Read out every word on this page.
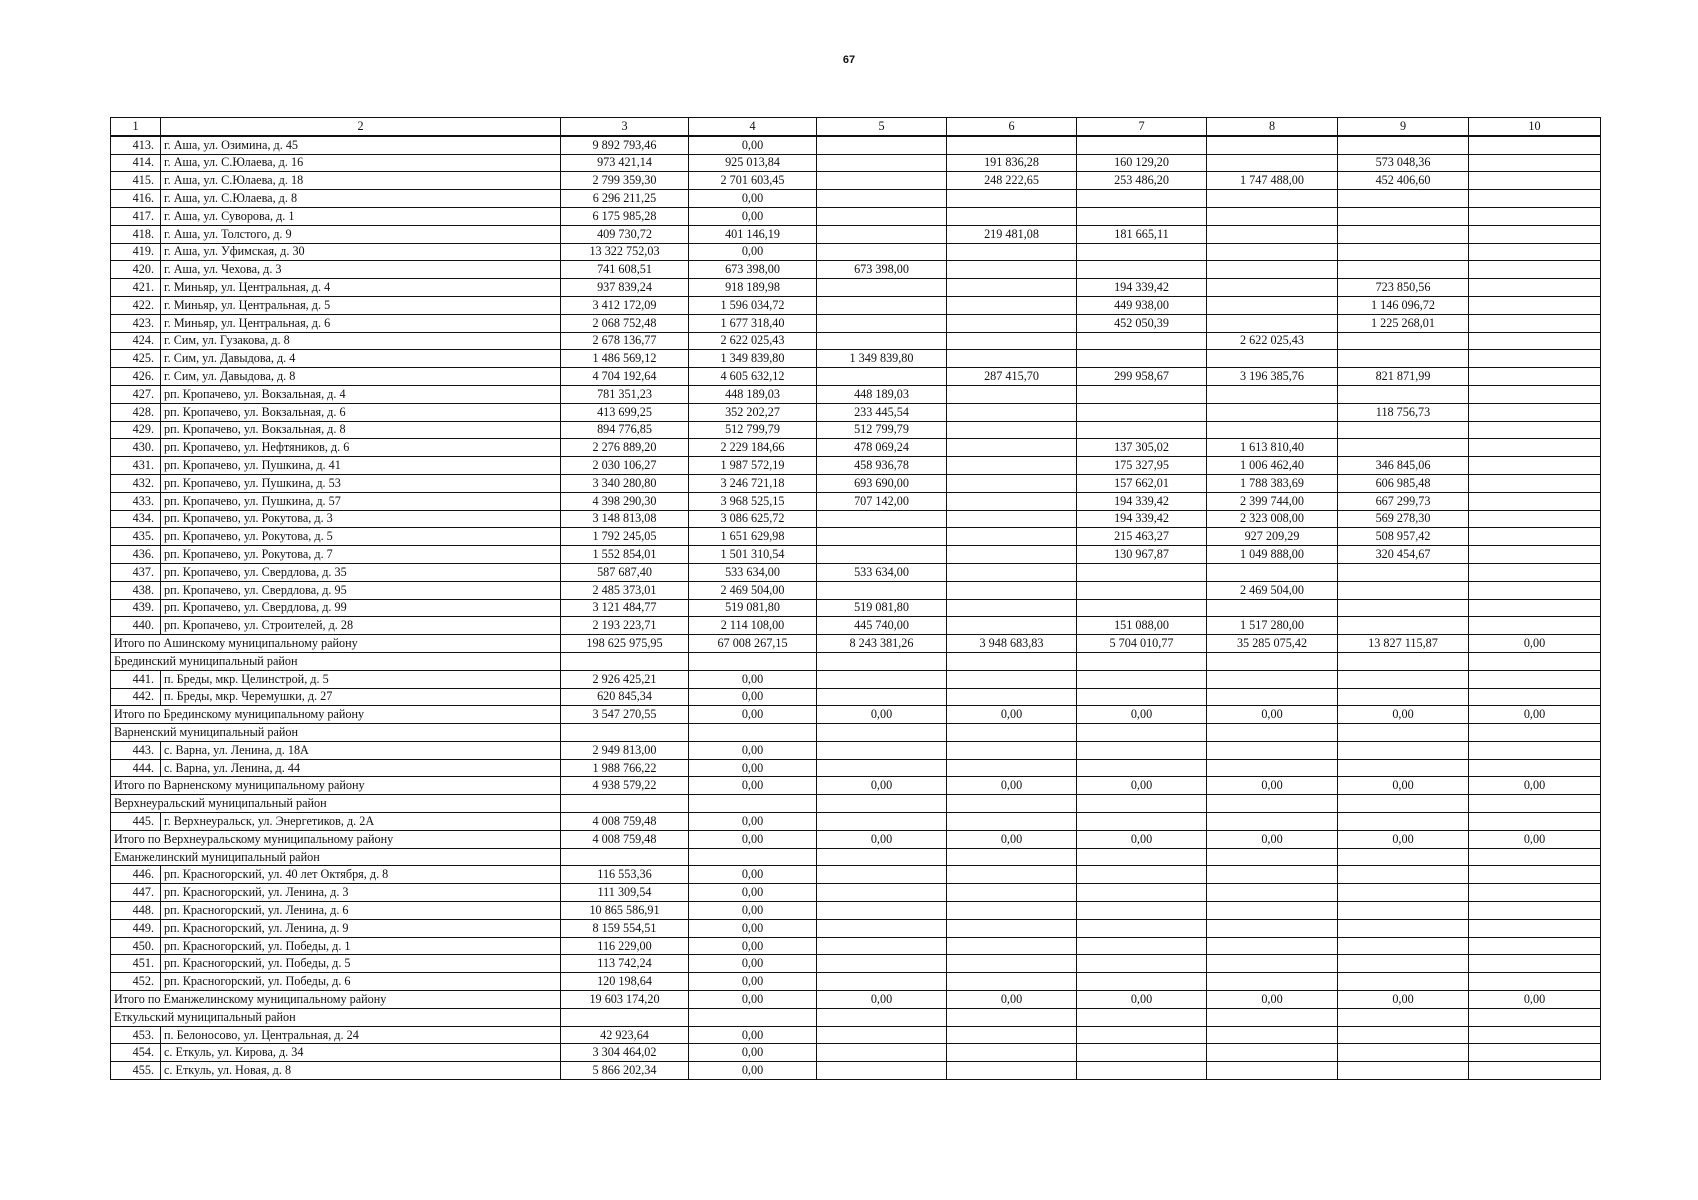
67
1	2	3	4	5	6	7	8	9	10
413.	г. Аша, ул. Озимина, д. 45	9 892 793,46	0,00						
414.	г. Аша, ул. С.Юлаева, д. 16	973 421,14	925 013,84		191 836,28	160 129,20		573 048,36	
415.	г. Аша, ул. С.Юлаева, д. 18	2 799 359,30	2 701 603,45		248 222,65	253 486,20	1 747 488,00	452 406,60	
416.	г. Аша, ул. С.Юлаева, д. 8	6 296 211,25	0,00						
417.	г. Аша, ул. Суворова, д. 1	6 175 985,28	0,00						
418.	г. Аша, ул. Толстого, д. 9	409 730,72	401 146,19		219 481,08	181 665,11			
419.	г. Аша, ул. Уфимская, д. 30	13 322 752,03	0,00						
420.	г. Аша, ул. Чехова, д. 3	741 608,51	673 398,00	673 398,00					
421.	г. Миньяр, ул. Центральная, д. 4	937 839,24	918 189,98			194 339,42		723 850,56	
422.	г. Миньяр, ул. Центральная, д. 5	3 412 172,09	1 596 034,72			449 938,00		1 146 096,72	
423.	г. Миньяр, ул. Центральная, д. 6	2 068 752,48	1 677 318,40			452 050,39		1 225 268,01	
424.	г. Сим, ул. Гузакова, д. 8	2 678 136,77	2 622 025,43				2 622 025,43		
425.	г. Сим, ул. Давыдова, д. 4	1 486 569,12	1 349 839,80	1 349 839,80					
426.	г. Сим, ул. Давыдова, д. 8	4 704 192,64	4 605 632,12		287 415,70	299 958,67	3 196 385,76	821 871,99	
427.	рп. Кропачево, ул. Вокзальная, д. 4	781 351,23	448 189,03	448 189,03					
428.	рп. Кропачево, ул. Вокзальная, д. 6	413 699,25	352 202,27	233 445,54				118 756,73	
429.	рп. Кропачево, ул. Вокзальная, д. 8	894 776,85	512 799,79	512 799,79					
430.	рп. Кропачево, ул. Нефтяников, д. 6	2 276 889,20	2 229 184,66	478 069,24		137 305,02	1 613 810,40		
431.	рп. Кропачево, ул. Пушкина, д. 41	2 030 106,27	1 987 572,19	458 936,78		175 327,95	1 006 462,40	346 845,06	
432.	рп. Кропачево, ул. Пушкина, д. 53	3 340 280,80	3 246 721,18	693 690,00		157 662,01	1 788 383,69	606 985,48	
433.	рп. Кропачево, ул. Пушкина, д. 57	4 398 290,30	3 968 525,15	707 142,00		194 339,42	2 399 744,00	667 299,73	
434.	рп. Кропачево, ул. Рокутова, д. 3	3 148 813,08	3 086 625,72			194 339,42	2 323 008,00	569 278,30	
435.	рп. Кропачево, ул. Рокутова, д. 5	1 792 245,05	1 651 629,98			215 463,27	927 209,29	508 957,42	
436.	рп. Кропачево, ул. Рокутова, д. 7	1 552 854,01	1 501 310,54			130 967,87	1 049 888,00	320 454,67	
437.	рп. Кропачево, ул. Свердлова, д. 35	587 687,40	533 634,00	533 634,00					
438.	рп. Кропачево, ул. Свердлова, д. 95	2 485 373,01	2 469 504,00				2 469 504,00		
439.	рп. Кропачево, ул. Свердлова, д. 99	3 121 484,77	519 081,80	519 081,80					
440.	рп. Кропачево, ул. Строителей, д. 28	2 193 223,71	2 114 108,00	445 740,00		151 088,00	1 517 280,00		
Итого по Ашинскому муниципальному району		198 625 975,95	67 008 267,15	8 243 381,26	3 948 683,83	5 704 010,77	35 285 075,42	13 827 115,87	0,00
Брединский муниципальный район									
441.	п. Бреды, мкр. Целинстрой, д. 5	2 926 425,21	0,00						
442.	п. Бреды, мкр. Черемушки, д. 27	620 845,34	0,00						
Итого по Брединскому муниципальному району		3 547 270,55	0,00	0,00	0,00	0,00	0,00	0,00	0,00
Варненский муниципальный район									
443.	с. Варна, ул. Ленина, д. 18А	2 949 813,00	0,00						
444.	с. Варна, ул. Ленина, д. 44	1 988 766,22	0,00						
Итого по Варненскому муниципальному району		4 938 579,22	0,00	0,00	0,00	0,00	0,00	0,00	0,00
Верхнеуральский муниципальный район									
445.	г. Верхнеуральск, ул. Энергетиков, д. 2А	4 008 759,48	0,00						
Итого по Верхнеуральскому муниципальному району		4 008 759,48	0,00	0,00	0,00	0,00	0,00	0,00	0,00
Еманжелинский муниципальный район									
446.	рп. Красногорский, ул. 40 лет Октября, д. 8	116 553,36	0,00						
447.	рп. Красногорский, ул. Ленина, д. 3	111 309,54	0,00						
448.	рп. Красногорский, ул. Ленина, д. 6	10 865 586,91	0,00						
449.	рп. Красногорский, ул. Ленина, д. 9	8 159 554,51	0,00						
450.	рп. Красногорский, ул. Победы, д. 1	116 229,00	0,00						
451.	рп. Красногорский, ул. Победы, д. 5	113 742,24	0,00						
452.	рп. Красногорский, ул. Победы, д. 6	120 198,64	0,00						
Итого по Еманжелинскому муниципальному району		19 603 174,20	0,00	0,00	0,00	0,00	0,00	0,00	0,00
Еткульский муниципальный район									
453.	п. Белоносово, ул. Центральная, д. 24	42 923,64	0,00						
454.	с. Еткуль, ул. Кирова, д. 34	3 304 464,02	0,00						
455.	с. Еткуль, ул. Новая, д. 8	5 866 202,34	0,00						
